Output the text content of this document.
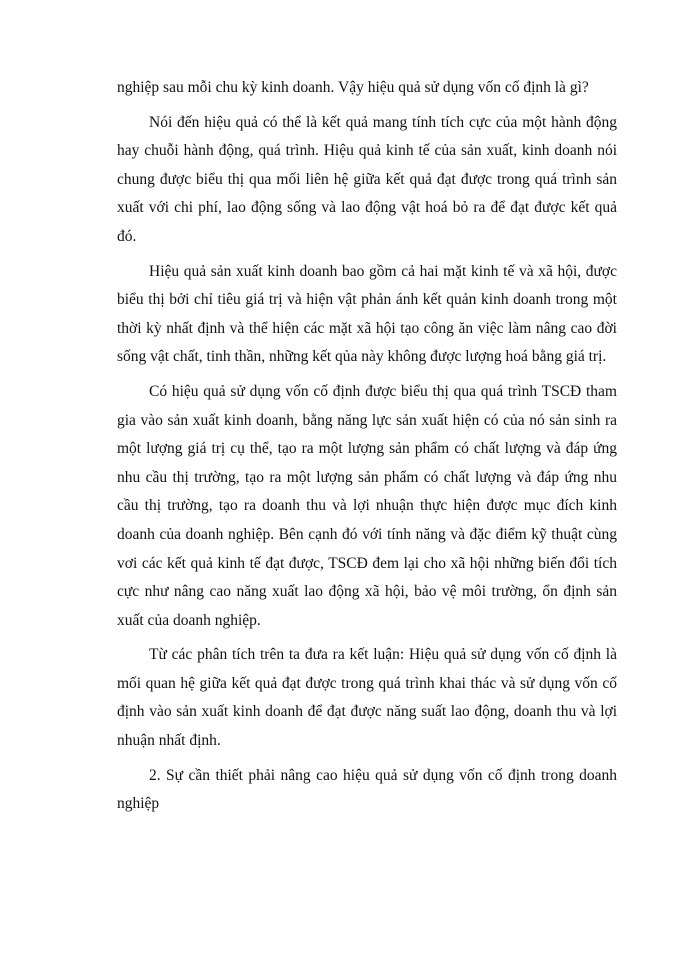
nghiệp sau mỗi chu kỳ kinh doanh. Vậy hiệu quả sử dụng vốn cố định là gì?

Nói đến hiệu quả có thể là kết quả mang tính tích cực của một hành động hay chuỗi hành động, quá trình. Hiệu quả kinh tế của sản xuất, kinh doanh nói chung được biểu thị qua mối liên hệ giữa kết quả đạt được trong quá trình sản xuất với chi phí, lao động sống và lao động vật hoá bỏ ra để đạt được kết quả đó.

Hiệu quả sản xuất kinh doanh bao gồm cả hai mặt kinh tế và xã hội, được biểu thị bởi chỉ tiêu giá trị và hiện vật phản ánh kết quản kinh doanh trong một thời kỳ nhất định và thể hiện các mặt xã hội tạo công ăn việc làm nâng cao đời sống vật chất, tinh thần, những kết qủa này không được lượng hoá bằng giá trị.

Có hiệu quả sử dụng vốn cố định được biểu thị qua quá trình TSCĐ tham gia vào sản xuất kinh doanh, bằng năng lực sản xuất hiện có của nó sản sinh ra một lượng giá trị cụ thể, tạo ra một lượng sản phẩm có chất lượng và đáp ứng nhu cầu thị trường, tạo ra một lượng sản phẩm có chất lượng và đáp ứng nhu cầu thị trường, tạo ra doanh thu và lợi nhuận thực hiện được mục đích kinh doanh của doanh nghiệp. Bên cạnh đó với tính năng và đặc điểm kỹ thuật cùng vơi các kết quả kinh tế đạt được, TSCĐ đem lại cho xã hội những biến đổi tích cực như nâng cao năng xuất lao động xã hội, bảo vệ môi trường, ổn định sản xuất của doanh nghiệp.

Từ các phân tích trên ta đưa ra kết luận: Hiệu quả sử dụng vốn cố định là mối quan hệ giữa kết quả đạt được trong quá trình khai thác và sử dụng vốn cố định vào sản xuất kinh doanh để đạt được năng suất lao động, doanh thu và lợi nhuận nhất định.

2. Sự cần thiết phải nâng cao hiệu quả sử dụng vốn cố định trong doanh nghiệp
